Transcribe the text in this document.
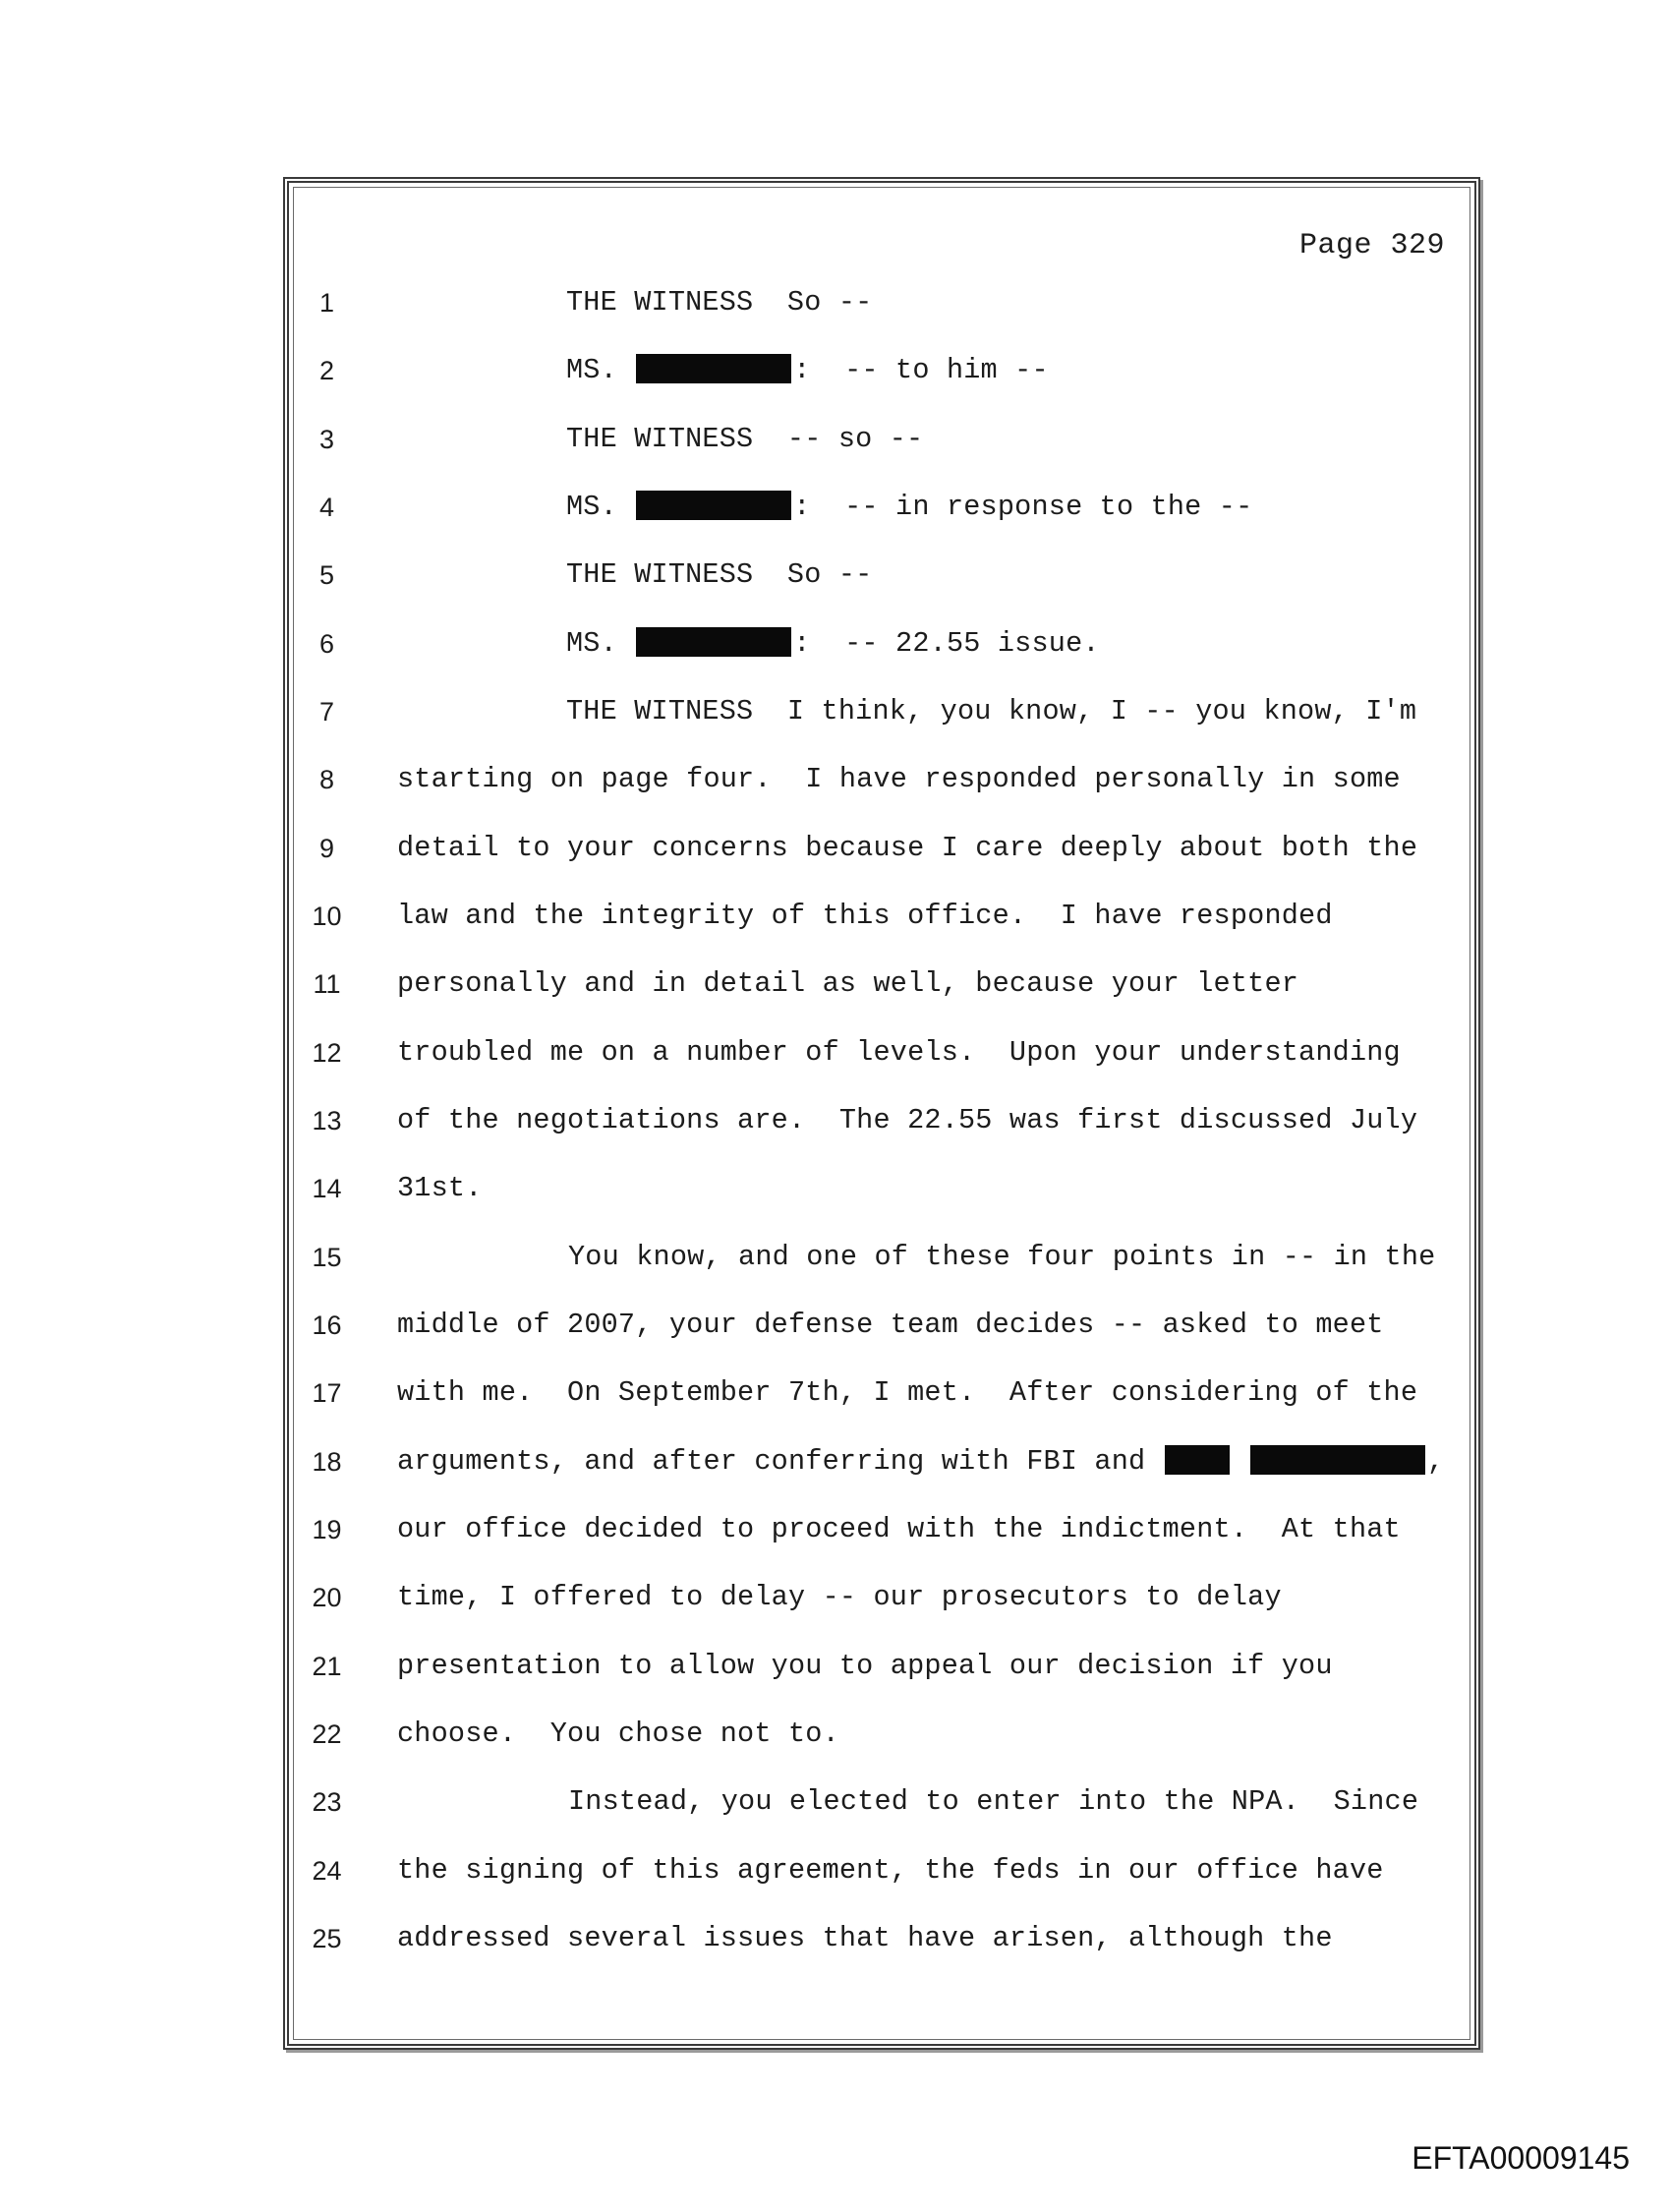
Page 329
1	THE WITNESS  So --
2	MS.	:  -- to him --
3	THE WITNESS  -- so --
4	MS.	:  -- in response to the --
5	THE WITNESS  So --
6	MS.	:  -- 22.55 issue.
7	THE WITNESS  I think, you know, I -- you know, I'm
8	starting on page four.  I have responded personally in some
9	detail to your concerns because I care deeply about both the
10 law and the integrity of this office.  I have responded
11 personally and in detail as well, because your letter
12 troubled me on a number of levels.  Upon your understanding
13 of the negotiations are.  The 22.55 was first discussed July
14 31st.
15	You know, and one of these four points in -- in the
16 middle of 2007, your defense team decides -- asked to meet
17 with me.  On September 7th, I met.  After considering of the
18 arguments, and after conferring with FBI and	,
19 our office decided to proceed with the indictment.  At that
20 time, I offered to delay -- our prosecutors to delay
21 presentation to allow you to appeal our decision if you
22 choose.  You chose not to.
23	Instead, you elected to enter into the NPA.  Since
24 the signing of this agreement, the feds in our office have
25 addressed several issues that have arisen, although the
EFTA00009145
